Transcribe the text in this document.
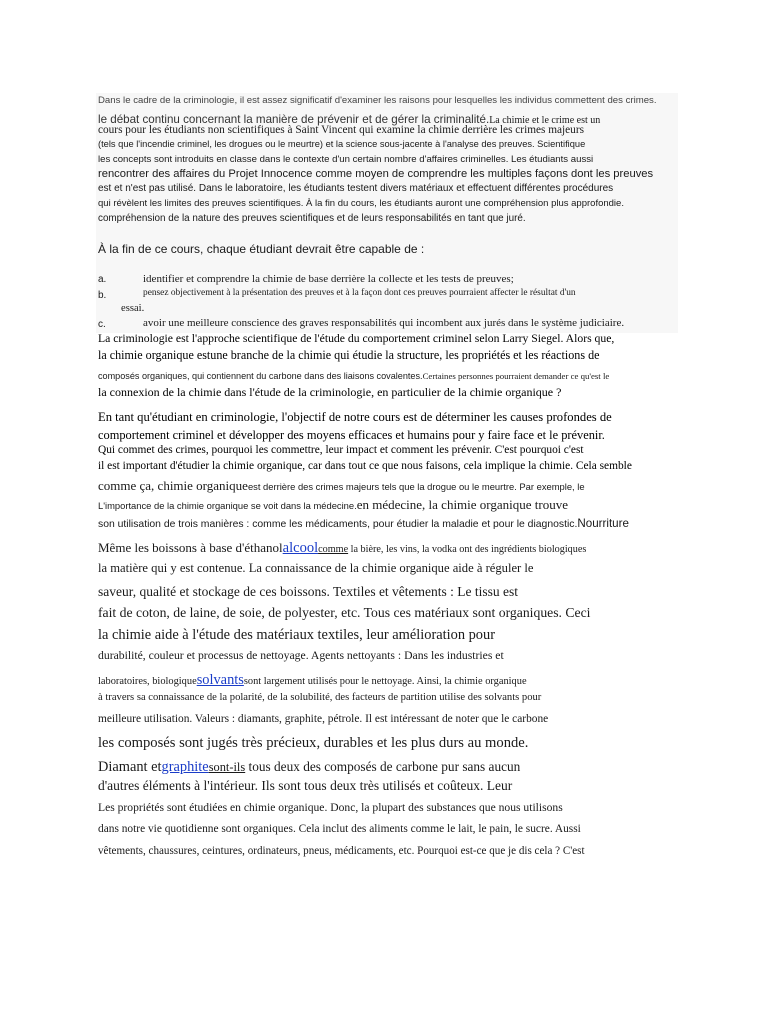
Dans le cadre de la criminologie, il est assez significatif d'examiner les raisons pour lesquelles les individus commettent des crimes.
le débat continu concernant la manière de prévenir et de gérer la criminalité.La chimie et le crime est un
cours pour les étudiants non scientifiques à Saint Vincent qui examine la chimie derrière les crimes majeurs
(tels que l'incendie criminel, les drogues ou le meurtre) et la science sous-jacente à l'analyse des preuves. Scientifique
les concepts sont introduits en classe dans le contexte d'un certain nombre d'affaires criminelles. Les étudiants aussi
rencontrer des affaires du Projet Innocence comme moyen de comprendre les multiples façons dont les preuves
est et n'est pas utilisé. Dans le laboratoire, les étudiants testent divers matériaux et effectuent différentes procédures
qui révèlent les limites des preuves scientifiques. À la fin du cours, les étudiants auront une compréhension plus approfondie.
compréhension de la nature des preuves scientifiques et de leurs responsabilités en tant que juré.
À la fin de ce cours, chaque étudiant devrait être capable de :
a.	identifier et comprendre la chimie de base derrière la collecte et les tests de preuves;
b.	pensez objectivement à la présentation des preuves et à la façon dont ces preuves pourraient affecter le résultat d'un
essai.
c.	avoir une meilleure conscience des graves responsabilités qui incombent aux jurés dans le système judiciaire.
La criminologie est l'approche scientifique de l'étude du comportement criminel selon Larry Siegel. Alors que,
la chimie organique estune branche de la chimie qui étudie la structure, les propriétés et les réactions de
composés organiques, qui contiennent du carbone dans des liaisons covalentes.Certaines personnes pourraient demander ce qu'est le
la connexion de la chimie dans l'étude de la criminologie, en particulier de la chimie organique ?
En tant qu'étudiant en criminologie, l'objectif de notre cours est de déterminer les causes profondes de
comportement criminel et développer des moyens efficaces et humains pour y faire face et le prévenir.
Qui commet des crimes, pourquoi les commettre, leur impact et comment les prévenir. C'est pourquoi c'est
il est important d'étudier la chimie organique, car dans tout ce que nous faisons, cela implique la chimie. Cela semble
comme ça, chimie organiqueest derrière des crimes majeurs tels que la drogue ou le meurtre. Par exemple, le
L'importance de la chimie organique se voit dans la médecine.en médecine, la chimie organique trouve
son utilisation de trois manières : comme les médicaments, pour étudier la maladie et pour le diagnostic.Nourriture
Même les boissons à base d'éthanolalcoolcomme la bière, les vins, la vodka ont des ingrédients biologiques
la matière qui y est contenue. La connaissance de la chimie organique aide à réguler le
saveur, qualité et stockage de ces boissons. Textiles et vêtements : Le tissu est
fait de coton, de laine, de soie, de polyester, etc. Tous ces matériaux sont organiques. Ceci
la chimie aide à l'étude des matériaux textiles, leur amélioration pour
durabilité, couleur et processus de nettoyage. Agents nettoyants : Dans les industries et
laboratoires, biologiquesolvantssont largement utilisés pour le nettoyage. Ainsi, la chimie organique
à travers sa connaissance de la polarité, de la solubilité, des facteurs de partition utilise des solvants pour
meilleure utilisation. Valeurs : diamants, graphite, pétrole. Il est intéressant de noter que le carbone
les composés sont jugés très précieux, durables et les plus durs au monde.
Diamant etgraphitesont-ils tous deux des composés de carbone pur sans aucun
d'autres éléments à l'intérieur. Ils sont tous deux très utilisés et coûteux. Leur
Les propriétés sont étudiées en chimie organique. Donc, la plupart des substances que nous utilisons
dans notre vie quotidienne sont organiques. Cela inclut des aliments comme le lait, le pain, le sucre. Aussi
vêtements, chaussures, ceintures, ordinateurs, pneus, médicaments, etc. Pourquoi est-ce que je dis cela ? C'est
